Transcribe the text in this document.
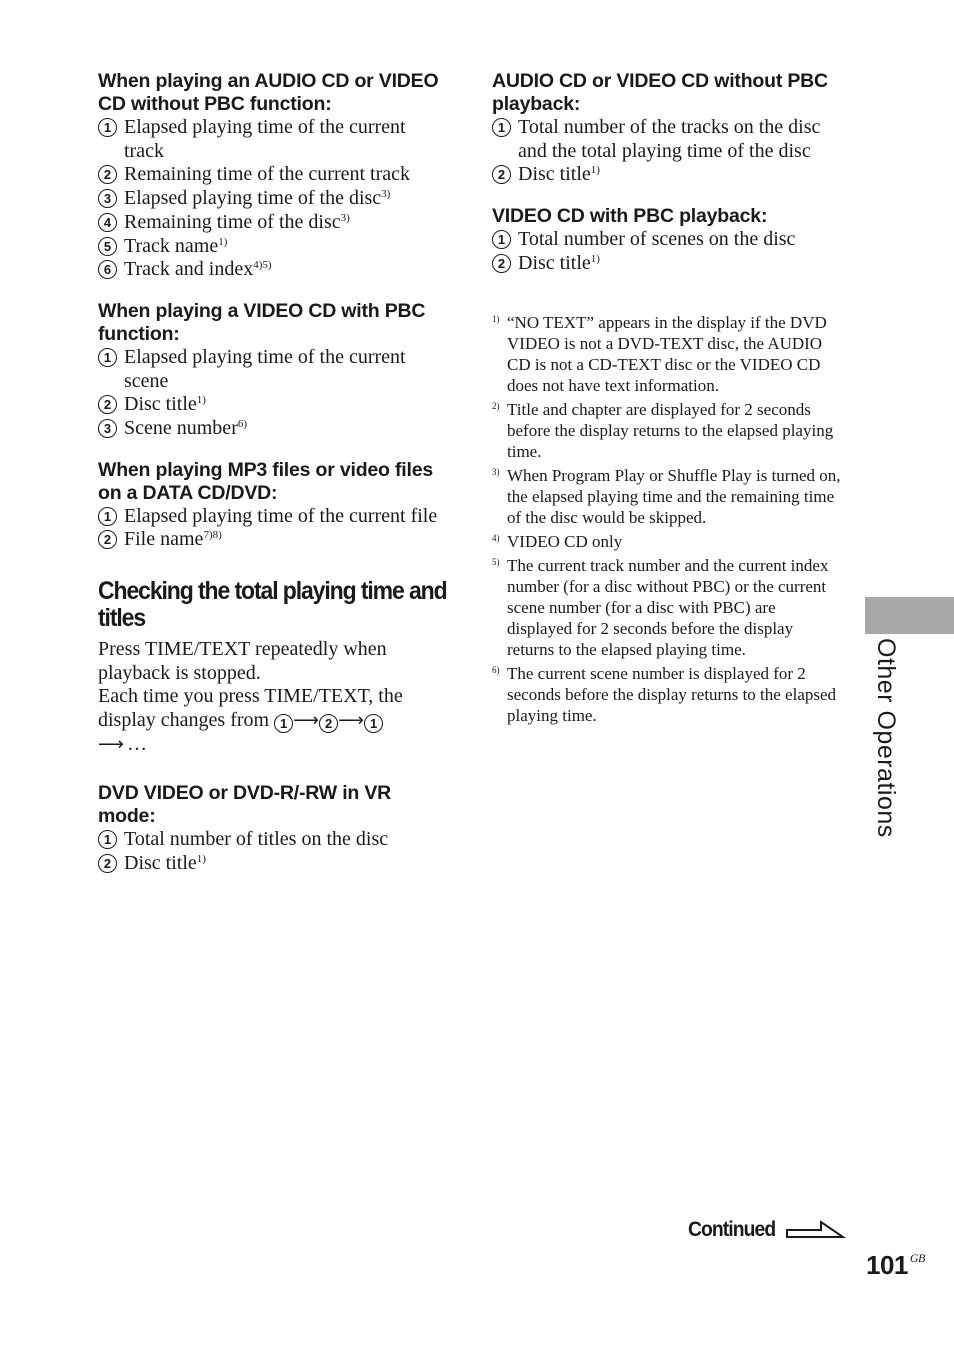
When playing an AUDIO CD or VIDEO CD without PBC function:

1 Elapsed playing time of the current track
2 Remaining time of the current track
3 Elapsed playing time of the disc$^{3)}$
4 Remaining time of the disc$^{3)}$
5 Track name$^{1)}$
6 Track and index$^{4)5)}$

When playing a VIDEO CD with PBC function:

1 Elapsed playing time of the current scene
2 Disc title$^{1)}$
3 Scene number$^{6)}$

When playing MP3 files or video files on a DATA CD/DVD:

1 Elapsed playing time of the current file
2 File name$^{7)8)}$
Checking the total playing time and titles

Press TIME/TEXT repeatedly when playback is stopped.

Each time you press TIME/TEXT, the display changes from 1 ⟶ 2 ⟶ 1
⟶ …

DVD VIDEO or DVD-R/-RW in VR mode:

1 Total number of titles on the disc
2 Disc title$^{1)}$

AUDIO CD or VIDEO CD without PBC playback:

1 Total number of the tracks on the disc and the total playing time of the disc
2 Disc title$^{1)}$

VIDEO CD with PBC playback:

1 Total number of scenes on the disc
2 Disc title$^{1)}$
1) “NO TEXT” appears in the display if the DVD VIDEO is not a DVD-TEXT disc, the AUDIO CD is not a CD-TEXT disc or the VIDEO CD does not have text information.
2) Title and chapter are displayed for 2 seconds before the display returns to the elapsed playing time.
3) When Program Play or Shuffle Play is turned on, the elapsed playing time and the remaining time of the disc would be skipped.
4) VIDEO CD only
5) The current track number and the current index number (for a disc without PBC) or the current scene number (for a disc with PBC) are displayed for 2 seconds before the display returns to the elapsed playing time.
6) The current scene number is displayed for 2 seconds before the display returns to the elapsed playing time.	Other Operations
Continued
101 $^{GB}$
